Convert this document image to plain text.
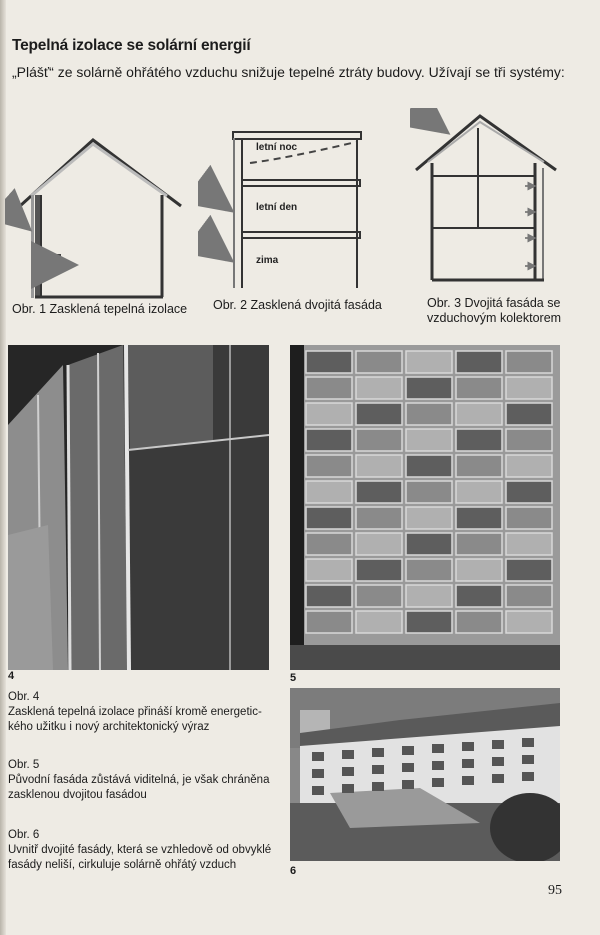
Tepelná izolace se solární energií
„Plášť“ ze solárně ohřátého vzduchu snižuje tepelné ztráty budovy. Užívají se tři systémy:
Obr. 1 Zasklená tepelná izolace
letní noc
letní den
zima
Obr. 2 Zasklená dvojitá fasáda	Obr. 3 Dvojitá fasáda se
vzduchovým kolektorem
4	5
Obr. 4
Zasklená tepelná izolace přináší kromě energetic-
kého užitku i nový architektonický výraz
Obr. 5
Původní fasáda zůstává viditelná, je však chráněna
zasklenou dvojitou fasádou
Obr. 6
Uvnitř dvojité fasády, která se vzhledově od obvyklé
fasády neliší, cirkuluje solárně ohřátý vzduch	6
95
